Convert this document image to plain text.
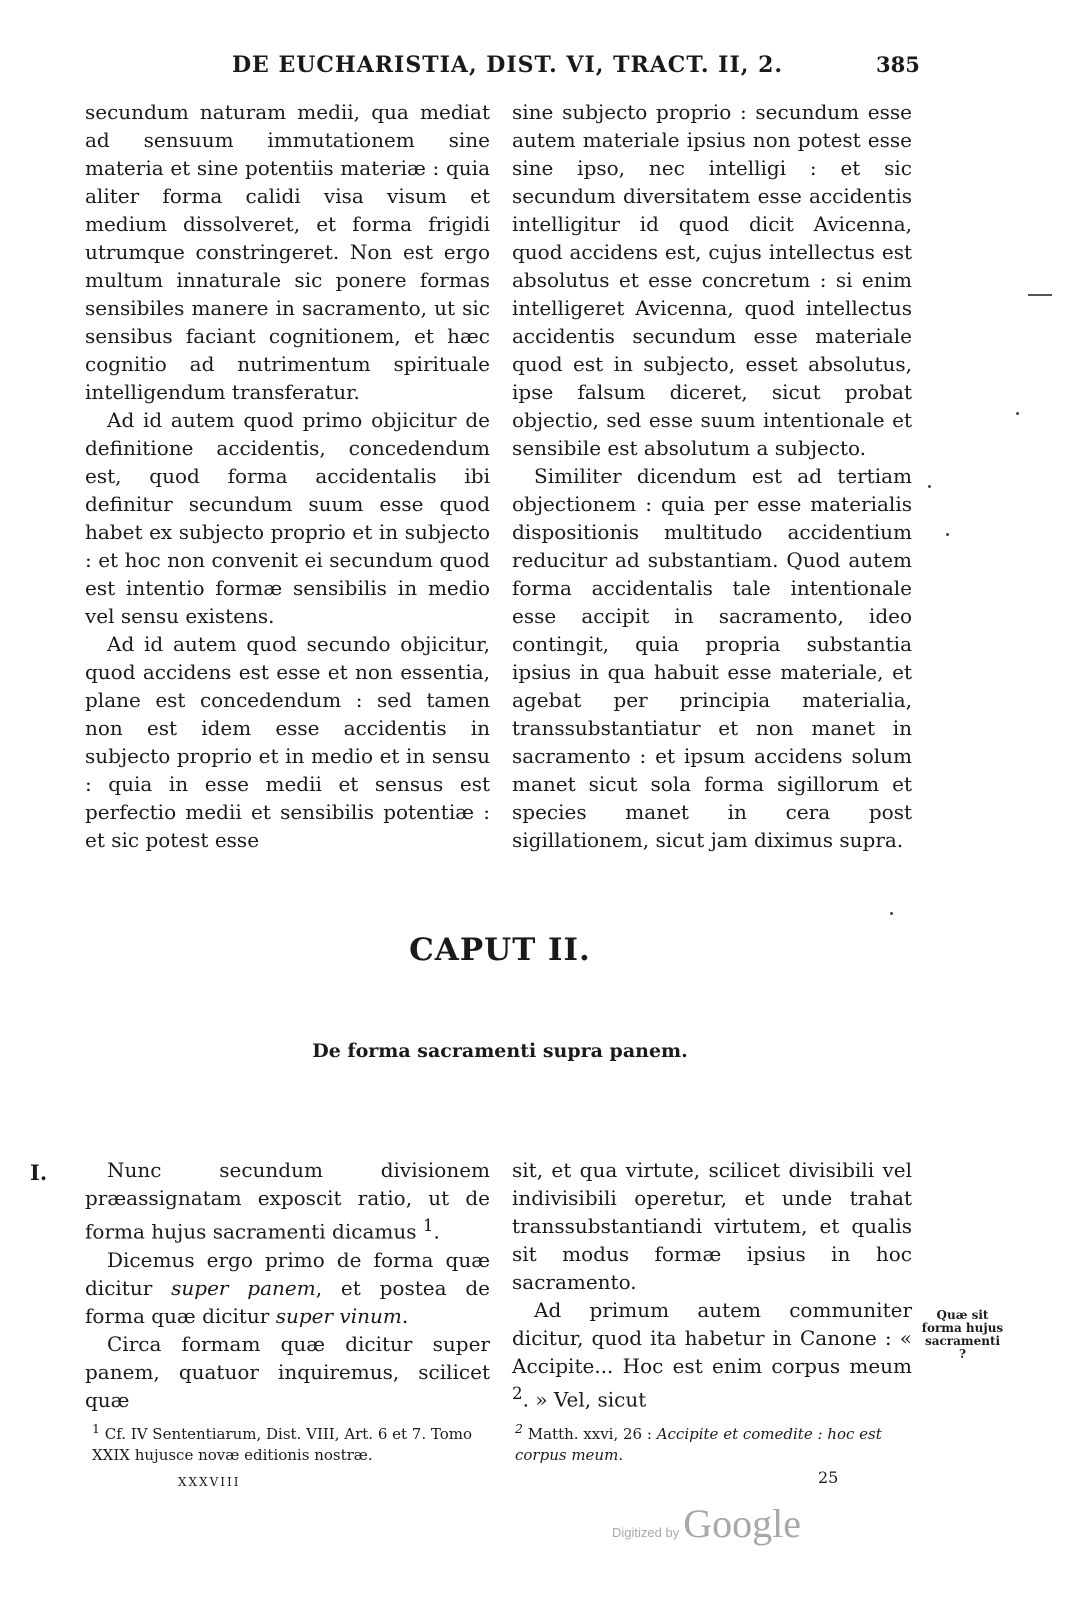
DE EUCHARISTIA, DIST. VI, TRACT. II, 2.	385

secundum naturam medii, qua mediat ad sensuum immutationem sine materia et sine potentiis materiæ : quia aliter forma calidi visa visum et medium dissolveret, et forma frigidi utrumque constringeret. Non est ergo multum innaturale sic ponere formas sensibiles manere in sacramento, ut sic sensibus faciant cognitionem, et hæc cognitio ad nutrimentum spirituale intelligendum transferatur.

Ad id autem quod primo objicitur de definitione accidentis, concedendum est, quod forma accidentalis ibi definitur secundum suum esse quod habet ex subjecto proprio et in subjecto : et hoc non convenit ei secundum quod est intentio formæ sensibilis in medio vel sensu existens.

Ad id autem quod secundo objicitur, quod accidens est esse et non essentia, plane est concedendum : sed tamen non est idem esse accidentis in subjecto proprio et in medio et in sensu : quia in esse medii et sensus est perfectio medii et sensibilis potentiæ : et sic potest esse

sine subjecto proprio : secundum esse autem materiale ipsius non potest esse sine ipso, nec intelligi : et sic secundum diversitatem esse accidentis intelligitur id quod dicit Avicenna, quod accidens est, cujus intellectus est absolutus et esse concretum : si enim intelligeret Avicenna, quod intellectus accidentis secundum esse materiale quod est in subjecto, esset absolutus, ipse falsum diceret, sicut probat objectio, sed esse suum intentionale et sensibile est absolutum a subjecto.

Similiter dicendum est ad tertiam objectionem : quia per esse materialis dispositionis multitudo accidentium reducitur ad substantiam. Quod autem forma accidentalis tale intentionale esse accipit in sacramento, ideo contingit, quia propria substantia ipsius in qua habuit esse materiale, et agebat per principia materialia, transsubstantiatur et non manet in sacramento : et ipsum accidens solum manet sicut sola forma sigillorum et species manet in cera post sigillationem, sicut jam diximus supra.

CAPUT II.
De forma sacramenti supra panem.
I.	Nunc secundum divisionem præassignatam exposcit ratio, ut de forma hujus sacramenti dicamus $^1$.

Dicemus ergo primo de forma quæ dicitur super panem, et postea de forma quæ dicitur super vinum.

Circa formam quæ dicitur super panem, quatuor inquiremus, scilicet quæ

sit, et qua virtute, scilicet divisibili vel indivisibili operetur, et unde trahat transsubstantiandi virtutem, et qualis sit modus formæ ipsius in hoc sacramento.

Ad primum autem communiter dicitur, quod ita habetur in Canone : « Accipite... Hoc est enim corpus meum $^2$. » Vel, sicut

Quæ sit forma hujus sacramenti ?
$^1$ Cf. IV Sententiarum, Dist. VIII, Art. 6 et 7. Tomo XXIX hujusce novæ editionis nostræ.
$^2$ Matth. xxvi, 26 : Accipite et comedite : hoc est corpus meum.
XXXVIII	25
Digitized by Google
